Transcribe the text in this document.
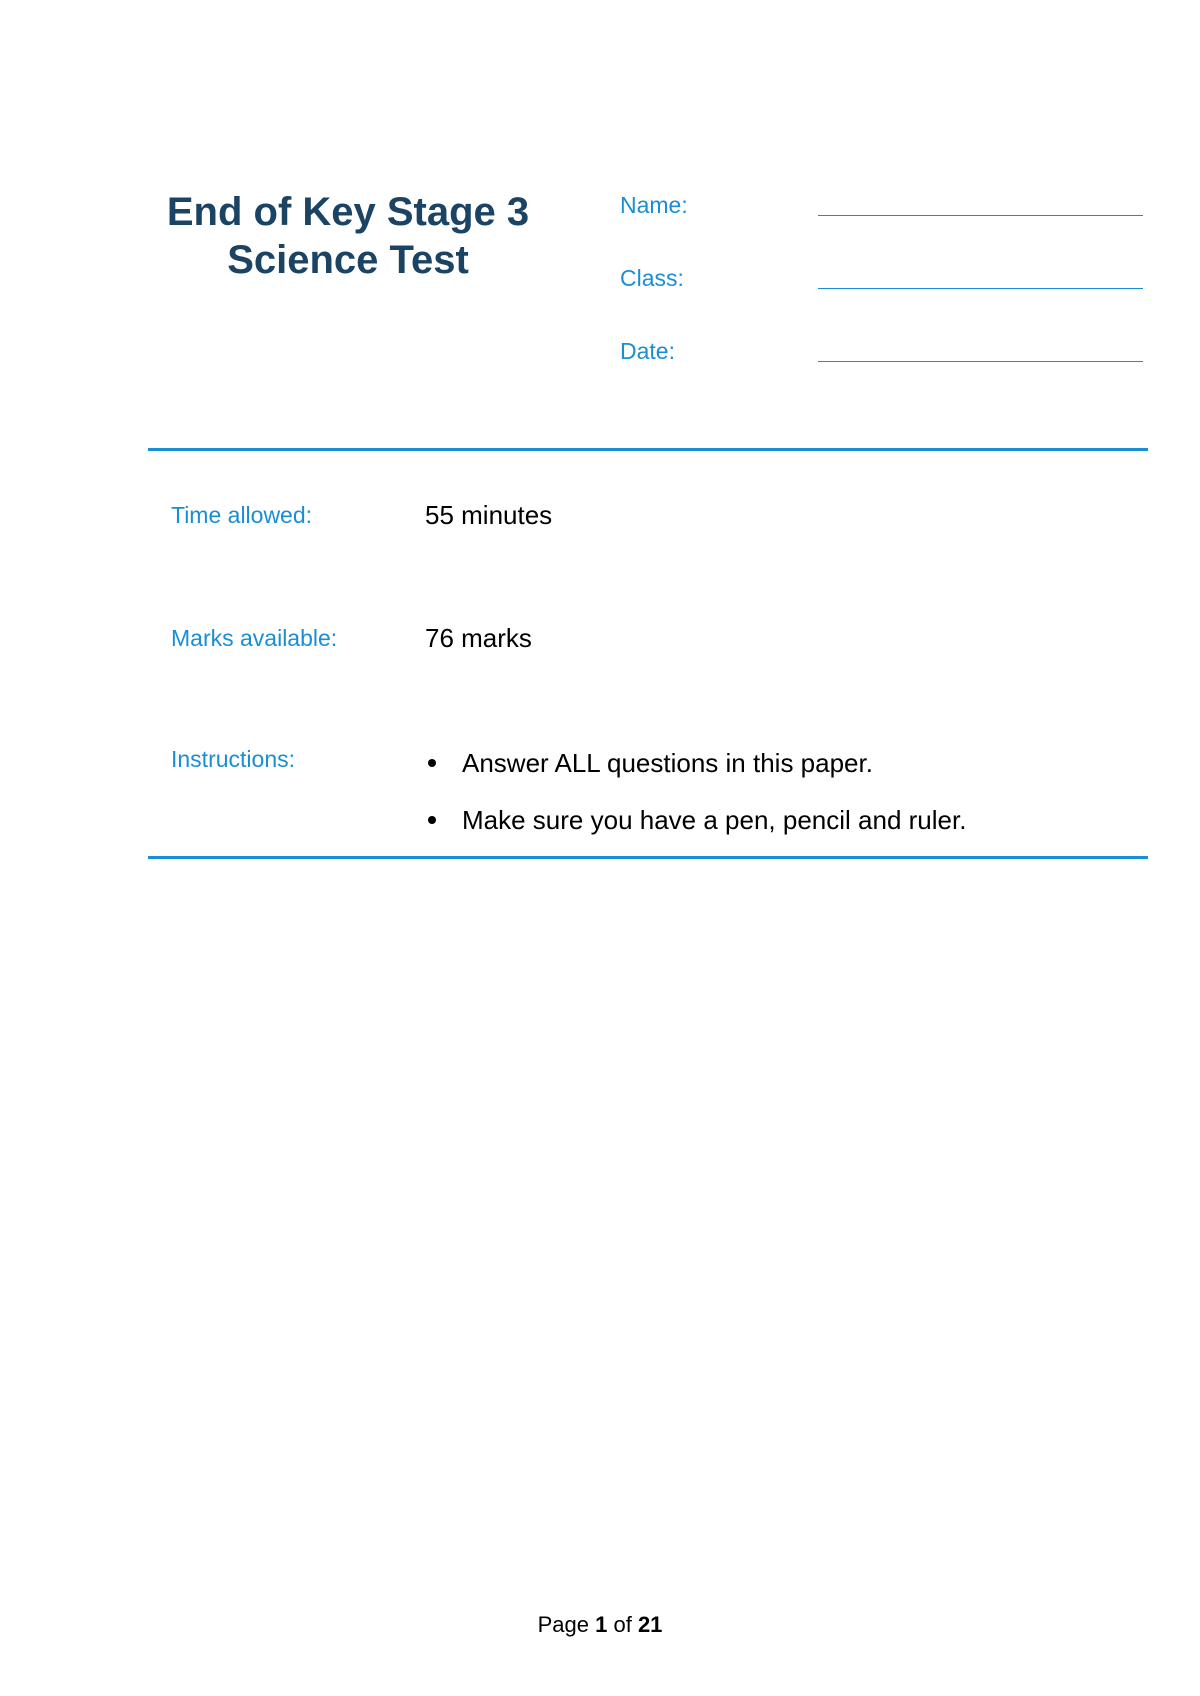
End of Key Stage 3
Science Test
Name:
Class:
Date:
Time allowed:	55 minutes
Marks available:	76 marks
Instructions:	Answer ALL questions in this paper.
Make sure you have a pen, pencil and ruler.
Page 1 of 21
